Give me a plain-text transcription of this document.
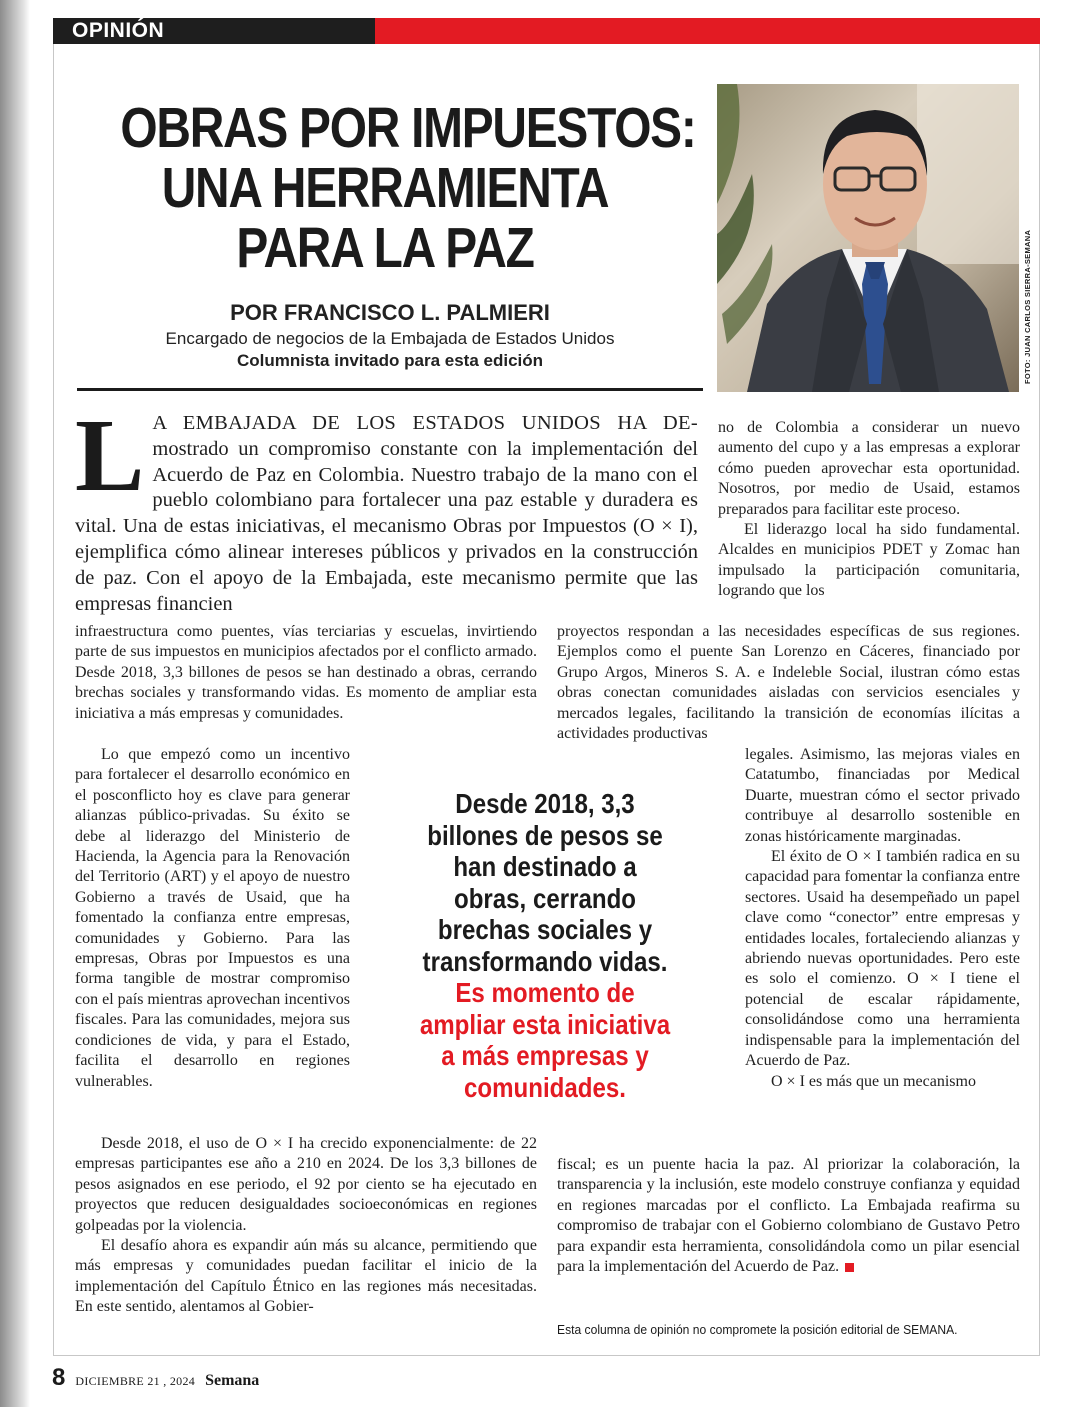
OPINIÓN
OBRAS POR IMPUESTOS:
UNA HERRAMIENTA
PARA LA PAZ
POR FRANCISCO L. PALMIERI
Encargado de negocios de la Embajada de Estados Unidos
Columnista invitado para esta edición	FOTO: JUAN CARLOS SIERRA-SEMANA
LA EMBAJADA DE LOS ESTADOS UNIDOS HA DE- mostrado un compromiso constante con la implementación del Acuerdo de Paz en Colombia. Nuestro trabajo de la mano con el pueblo colombiano para fortalecer una paz estable y duradera es vital. Una de estas iniciativas, el mecanismo Obras por Impuestos (O × I), ejemplifica cómo alinear intereses públicos y privados en la construcción de paz. Con el apoyo de la Embajada, este mecanismo permite que las empresas financien

no de Colombia a considerar un nuevo aumento del cupo y a las empresas a explorar cómo pueden aprovechar esta oportunidad. Nosotros, por medio de Usaid, estamos preparados para facilitar este proceso.

El liderazgo local ha sido fundamental. Alcaldes en municipios PDET y Zomac han impulsado la participación comunitaria, logrando que los

infraestructura como puentes, vías terciarias y escuelas, invirtiendo parte de sus impuestos en municipios afectados por el conflicto armado. Desde 2018, 3,3 billones de pesos se han destinado a obras, cerrando brechas sociales y transformando vidas. Es momento de ampliar esta iniciativa a más empresas y comunidades.

proyectos respondan a las necesidades específicas de sus regiones. Ejemplos como el puente San Lorenzo en Cáceres, financiado por Grupo Argos, Mineros S. A. e Indeleble Social, ilustran cómo estas obras conectan comunidades aisladas con servicios esenciales y mercados legales, facilitando la transición de economías ilícitas a actividades productivas

Lo que empezó como un incentivo para fortalecer el desarrollo económico en el posconflicto hoy es clave para generar alianzas público-privadas. Su éxito se debe al liderazgo del Ministerio de Hacienda, la Agencia para la Renovación del Territorio (ART) y el apoyo de nuestro Gobierno a través de Usaid, que ha fomentado la confianza entre empresas, comunidades y Gobierno. Para las empresas, Obras por Impuestos es una forma tangible de mostrar compromiso con el país mientras aprovechan incentivos fiscales. Para las comunidades, mejora sus condiciones de vida, y para el Estado, facilita el desarrollo en regiones vulnerables.

Desde 2018, 3,3 billones de pesos se han destinado a obras, cerrando brechas sociales y transformando vidas.
Es momento de ampliar esta iniciativa a más empresas y comunidades.

legales. Asimismo, las mejoras viales en Catatumbo, financiadas por Medical Duarte, muestran cómo el sector privado contribuye al desarrollo sostenible en zonas históricamente marginadas.

El éxito de O × I también radica en su capacidad para fomentar la confianza entre sectores. Usaid ha desempeñado un papel clave como “conector” entre empresas y entidades locales, fortaleciendo alianzas y abriendo nuevas oportunidades. Pero este es solo el comienzo. O × I tiene el potencial de escalar rápidamente, consolidándose como una herramienta indispensable para la implementación del Acuerdo de Paz.

O × I es más que un mecanismo

Desde 2018, el uso de O × I ha crecido exponencialmente: de 22 empresas participantes ese año a 210 en 2024. De los 3,3 billones de pesos asignados en ese periodo, el 92 por ciento se ha ejecutado en proyectos que reducen desigualdades socioeconómicas en regiones golpeadas por la violencia.

El desafío ahora es expandir aún más su alcance, permitiendo que más empresas y comunidades puedan facilitar el inicio de la implementación del Capítulo Étnico en las regiones más necesitadas. En este sentido, alentamos al Gobier-

fiscal; es un puente hacia la paz. Al priorizar la colaboración, la transparencia y la inclusión, este modelo construye confianza y equidad en regiones marcadas por el conflicto. La Embajada reafirma su compromiso de trabajar con el Gobierno colombiano de Gustavo Petro para expandir esta herramienta, consolidándola como un pilar esencial para la implementación del Acuerdo de Paz.

Esta columna de opinión no compromete la posición editorial de SEMANA.
8 DICIEMBRE 21 , 2024 Semana
